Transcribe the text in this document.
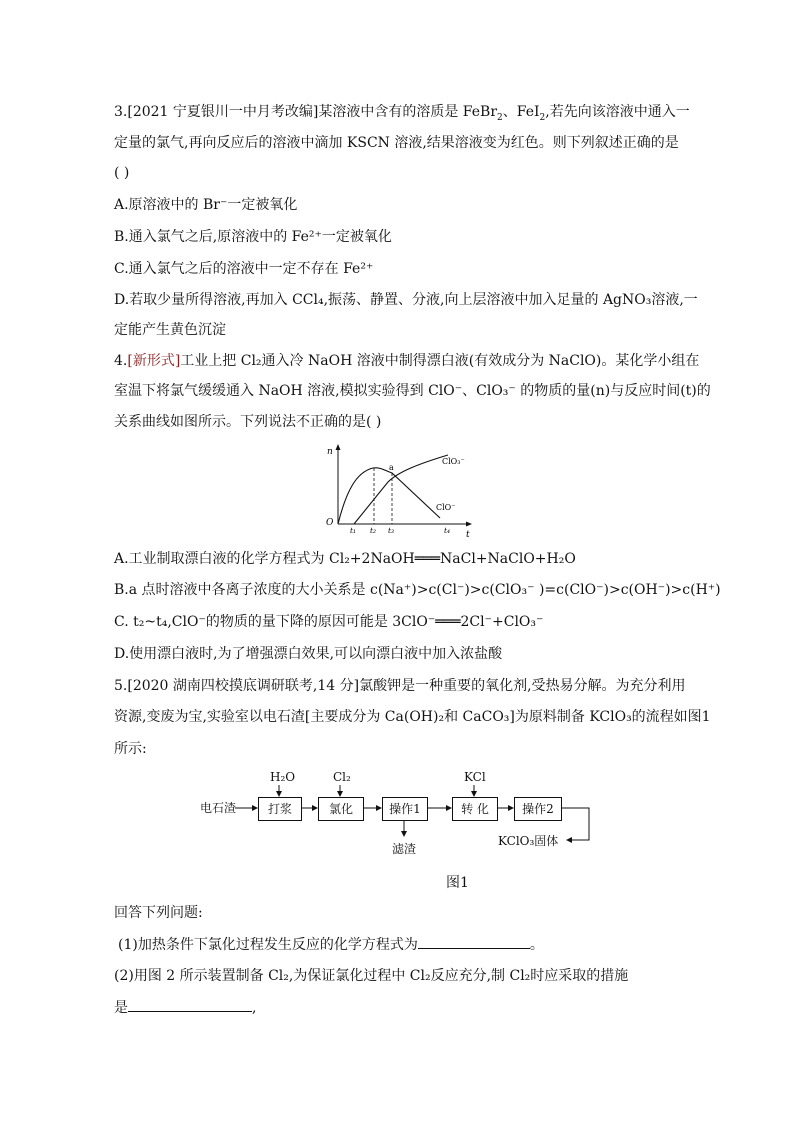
3.[2021 宁夏银川一中月考改编]某溶液中含有的溶质是 FeBr$_2$、FeI$_2$,若先向该溶液中通入一
定量的氯气,再向反应后的溶液中滴加 KSCN 溶液,结果溶液变为红色。则下列叙述正确的是
( )
A.原溶液中的 Br⁻一定被氧化
B.通入氯气之后,原溶液中的 Fe²⁺一定被氧化
C.通入氯气之后的溶液中一定不存在 Fe²⁺
D.若取少量所得溶液,再加入 CCl₄,振荡、静置、分液,向上层溶液中加入足量的 AgNO₃溶液,一
定能产生黄色沉淀
4.[新形式]工业上把 Cl₂通入冷 NaOH 溶液中制得漂白液(有效成分为 NaClO)。某化学小组在
室温下将氯气缓缓通入 NaOH 溶液,模拟实验得到 ClO⁻、ClO₃⁻ 的物质的量(n)与反应时间(t)的
关系曲线如图所示。下列说法不正确的是( )
n
t
O
a
ClO₃⁻
ClO⁻
t₁ t₂ t₃	t₄
A.工业制取漂白液的化学方程式为 Cl₂+2NaOH═══NaCl+NaClO+H₂O
B.a 点时溶液中各离子浓度的大小关系是 c(Na⁺)>c(Cl⁻)>c(ClO₃⁻ )=c(ClO⁻)>c(OH⁻)>c(H⁺)
C. t₂~t₄,ClO⁻的物质的量下降的原因可能是 3ClO⁻═══2Cl⁻+ClO₃⁻
D.使用漂白液时,为了增强漂白效果,可以向漂白液中加入浓盐酸
5.[2020 湖南四校摸底调研联考,14 分]氯酸钾是一种重要的氧化剂,受热易分解。为充分利用
资源,变废为宝,实验室以电石渣[主要成分为 Ca(OH)₂和 CaCO₃]为原料制备 KClO₃的流程如图1
所示:
电石渣	打浆	氯化	操作1	转 化	操作2
H₂O	Cl₂	KCl
滤渣
KClO₃固体
图1
回答下列问题:
(1)加热条件下氯化过程发生反应的化学方程式为	。
(2)用图 2 所示装置制备 Cl₂,为保证氯化过程中 Cl₂反应充分,制 Cl₂时应采取的措施
是	,
